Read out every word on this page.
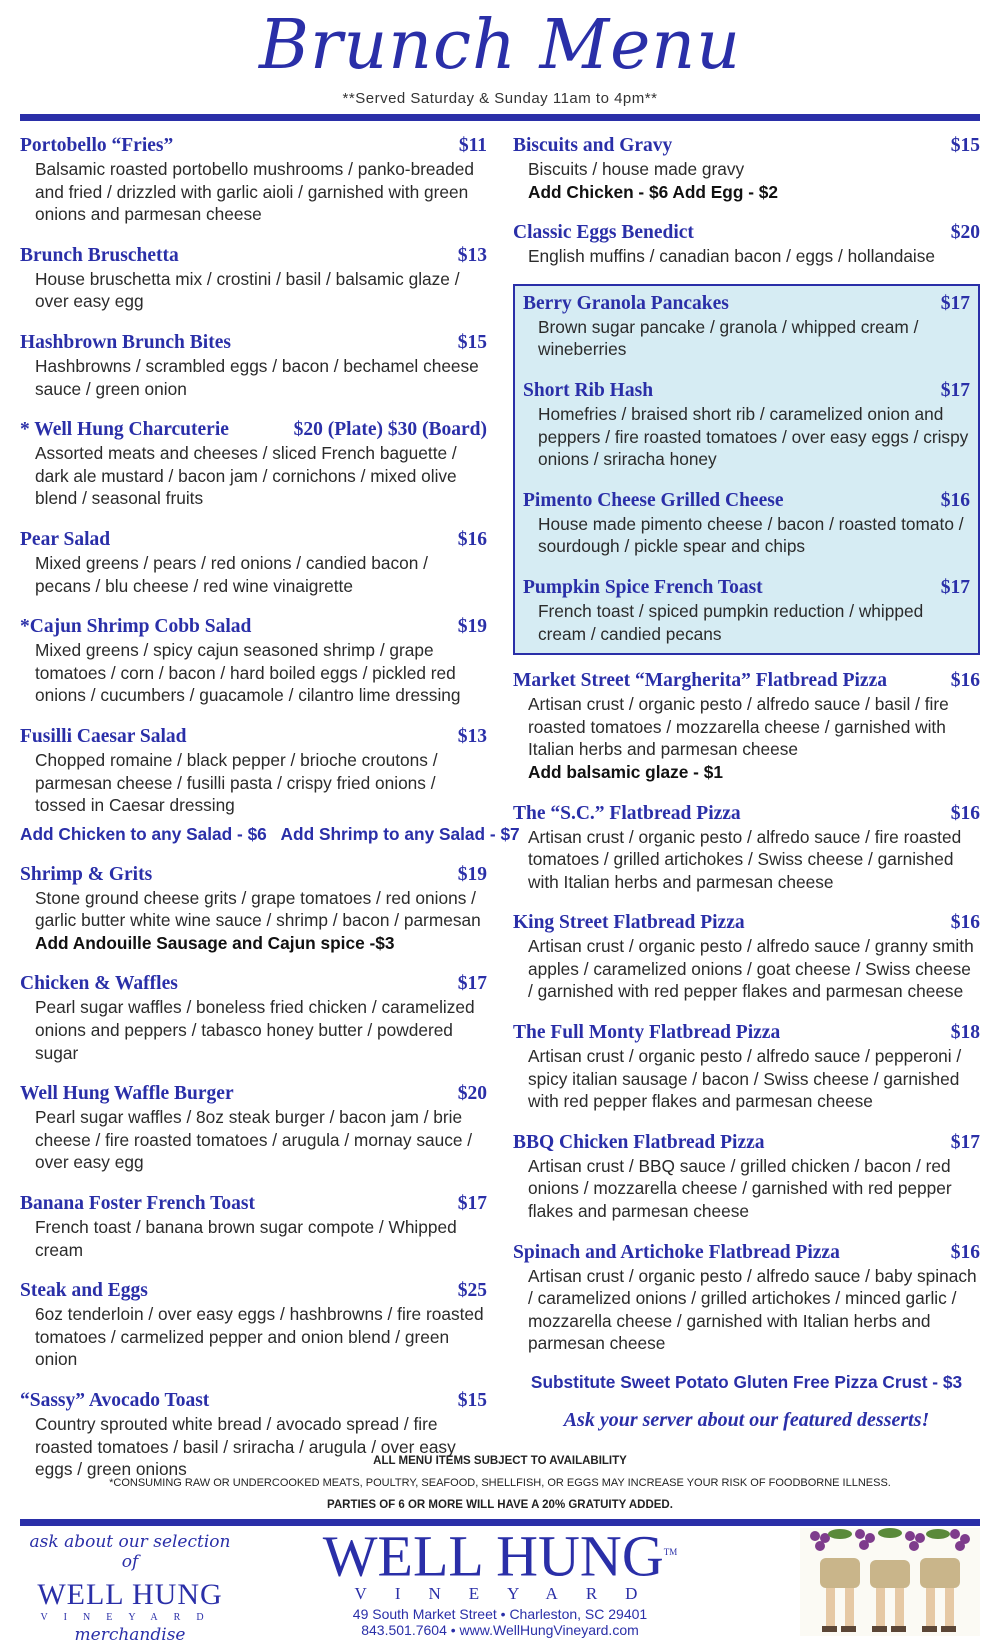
Brunch Menu
**Served Saturday & Sunday 11am to 4pm**
Portobello “Fries”	$11
Balsamic roasted portobello mushrooms / panko-breaded and fried / drizzled with garlic aioli / garnished with green onions and parmesan cheese
Brunch Bruschetta	$13
House bruschetta mix / crostini / basil / balsamic glaze / over easy egg
Hashbrown Brunch Bites	$15
Hashbrowns / scrambled eggs / bacon / bechamel cheese sauce / green onion
* Well Hung Charcuterie	$20 (Plate) $30 (Board)
Assorted meats and cheeses / sliced French baguette / dark ale mustard / bacon jam / cornichons / mixed olive blend / seasonal fruits
Pear Salad	$16
Mixed greens / pears / red onions / candied bacon / pecans / blu cheese / red wine vinaigrette
*Cajun Shrimp Cobb Salad	$19
Mixed greens / spicy cajun seasoned shrimp / grape tomatoes / corn / bacon / hard boiled eggs / pickled red onions / cucumbers / guacamole / cilantro lime dressing
Fusilli Caesar Salad	$13
Chopped romaine / black pepper / brioche croutons / parmesan cheese / fusilli pasta / crispy fried onions / tossed in Caesar dressing
Add Chicken to any Salad - $6   Add Shrimp to any Salad - $7
Shrimp & Grits	$19
Stone ground cheese grits / grape tomatoes / red onions / garlic butter white wine sauce / shrimp / bacon / parmesan
Add Andouille Sausage and Cajun spice -$3
Chicken & Waffles	$17
Pearl sugar waffles / boneless fried chicken / caramelized onions and peppers / tabasco honey butter / powdered sugar
Well Hung Waffle Burger	$20
Pearl sugar waffles / 8oz steak burger / bacon jam / brie cheese / fire roasted tomatoes / arugula / mornay sauce / over easy egg
Banana Foster French Toast	$17
French toast / banana brown sugar compote / Whipped cream
Steak and Eggs	$25
6oz tenderloin / over easy eggs / hashbrowns / fire roasted tomatoes / carmelized pepper and onion blend / green onion
“Sassy” Avocado Toast	$15
Country sprouted white bread / avocado spread / fire roasted tomatoes / basil / sriracha / arugula / over easy eggs / green onions
Biscuits and Gravy	$15
Biscuits / house made gravy
Add Chicken - $6 Add Egg - $2
Classic Eggs Benedict	$20
English muffins / canadian bacon / eggs / hollandaise
Berry Granola Pancakes	$17
Brown sugar pancake / granola / whipped cream / wineberries
Short Rib Hash	$17
Homefries / braised short rib / caramelized onion and peppers / fire roasted tomatoes / over easy eggs / crispy onions / sriracha honey
Pimento Cheese Grilled Cheese	$16
House made pimento cheese / bacon / roasted tomato / sourdough / pickle spear and chips
Pumpkin Spice French Toast	$17
French toast / spiced pumpkin reduction / whipped cream / candied pecans
Market Street “Margherita” Flatbread Pizza	$16
Artisan crust / organic pesto / alfredo sauce / basil / fire roasted tomatoes / mozzarella cheese / garnished with Italian herbs and parmesan cheese
Add balsamic glaze - $1
The “S.C.” Flatbread Pizza	$16
Artisan crust / organic pesto / alfredo sauce / fire roasted tomatoes / grilled artichokes / Swiss cheese / garnished with Italian herbs and parmesan cheese
King Street Flatbread Pizza	$16
Artisan crust / organic pesto / alfredo sauce / granny smith apples / caramelized onions / goat cheese / Swiss cheese / garnished with red pepper flakes and parmesan cheese
The Full Monty Flatbread Pizza	$18
Artisan crust / organic pesto / alfredo sauce / pepperoni / spicy italian sausage / bacon / Swiss cheese / garnished with red pepper flakes and parmesan cheese
BBQ Chicken Flatbread Pizza	$17
Artisan crust / BBQ sauce / grilled chicken / bacon / red onions / mozzarella cheese / garnished with red pepper flakes and parmesan cheese
Spinach and Artichoke Flatbread Pizza	$16
Artisan crust / organic pesto / alfredo sauce / baby spinach / caramelized onions / grilled artichokes / minced garlic / mozzarella cheese / garnished with Italian herbs and parmesan cheese
Substitute Sweet Potato Gluten Free Pizza Crust - $3
Ask your server about our featured desserts!
ALL MENU ITEMS SUBJECT TO AVAILABILITY
*CONSUMING RAW OR UNDERCOOKED MEATS, POULTRY, SEAFOOD, SHELLFISH, OR EGGS MAY INCREASE YOUR RISK OF FOODBORNE ILLNESS.
PARTIES OF 6 OR MORE WILL HAVE A 20% GRATUITY ADDED.
ask about our selection of
WELL HUNG
VINEYARD
merchandise
WELL HUNG™
VINEYARD
49 South Market Street • Charleston, SC 29401
843.501.7604 • www.WellHungVineyard.com
